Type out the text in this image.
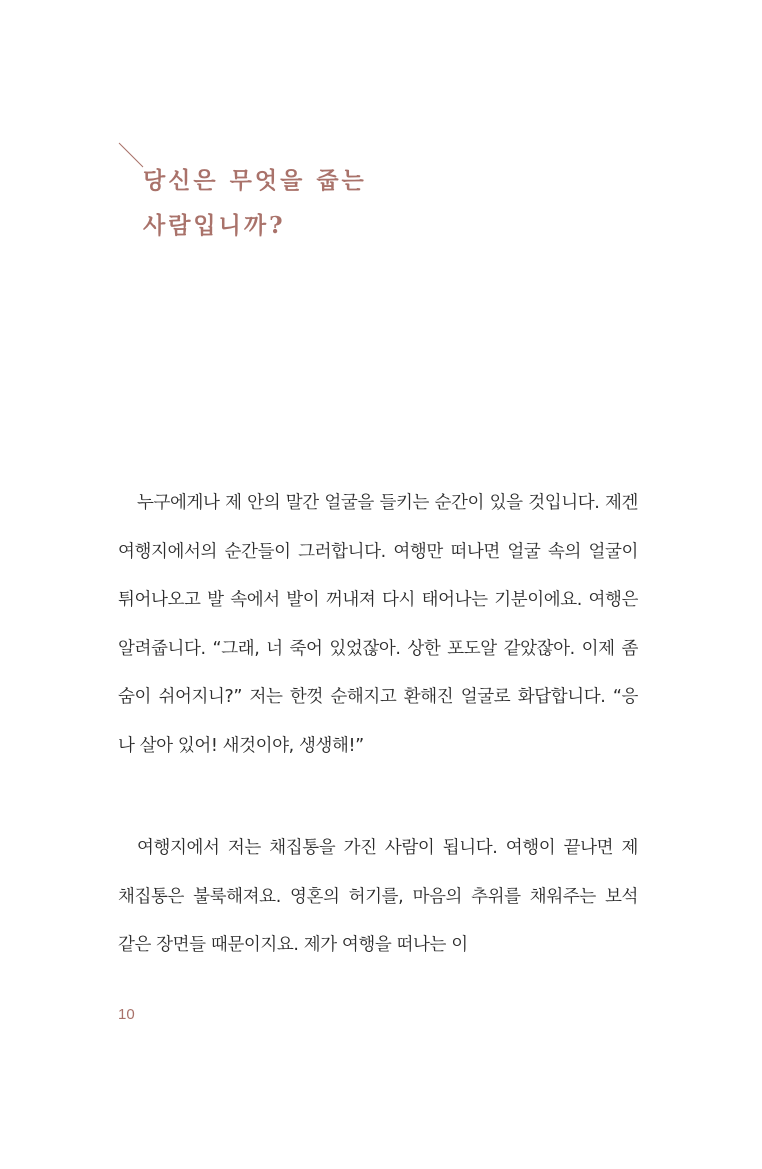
당신은 무엇을 줍는
사람입니까?

누구에게나 제 안의 말간 얼굴을 들키는 순간이 있을 것입니다. 제겐 여행지에서의 순간들이 그러합니다. 여행만 떠나면 얼굴 속의 얼굴이 튀어나오고 발 속에서 발이 꺼내져 다시 태어나는 기분이에요. 여행은 알려줍니다. “그래, 너 죽어 있었잖아. 상한 포도알 같았잖아. 이제 좀 숨이 쉬어지니?” 저는 한껏 순해지고 환해진 얼굴로 화답합니다. “응 나 살아 있어! 새것이야, 생생해!”

여행지에서 저는 채집통을 가진 사람이 됩니다. 여행이 끝나면 제 채집통은 불룩해져요. 영혼의 허기를, 마음의 추위를 채워주는 보석 같은 장면들 때문이지요. 제가 여행을 떠나는 이

10
